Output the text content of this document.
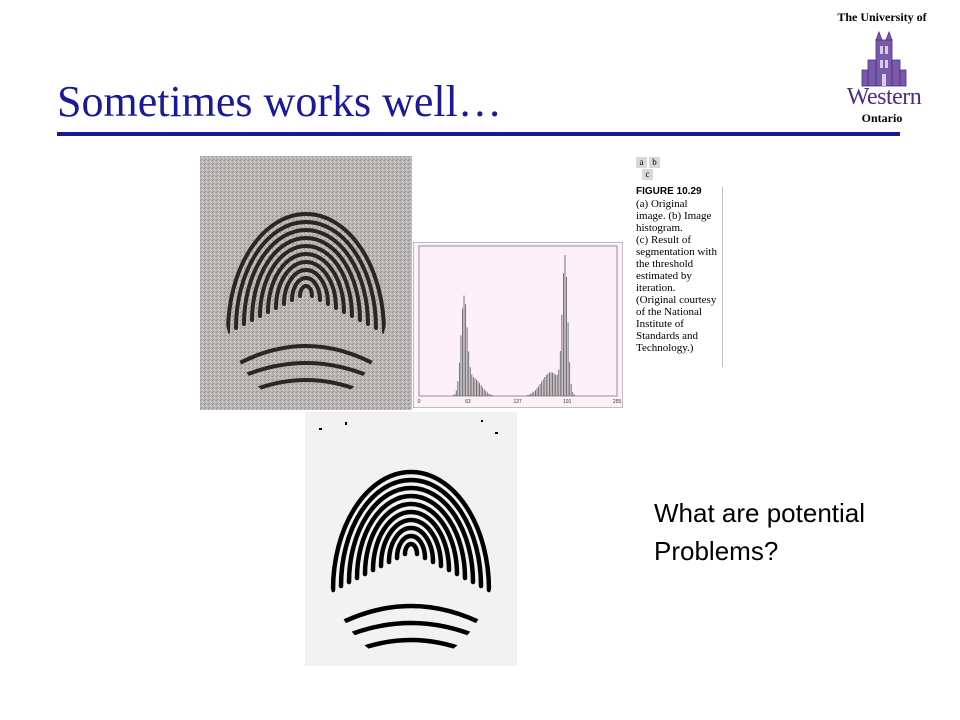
The University of
Western
Ontario
Sometimes works well…
0	63	127	191	255
a b
c
FIGURE 10.29
(a) Original
image. (b) Image
histogram.
(c) Result of
segmentation with
the threshold
estimated by
iteration.
(Original courtesy
of the National
Institute of
Standards and
Technology.)
What are potential
Problems?
